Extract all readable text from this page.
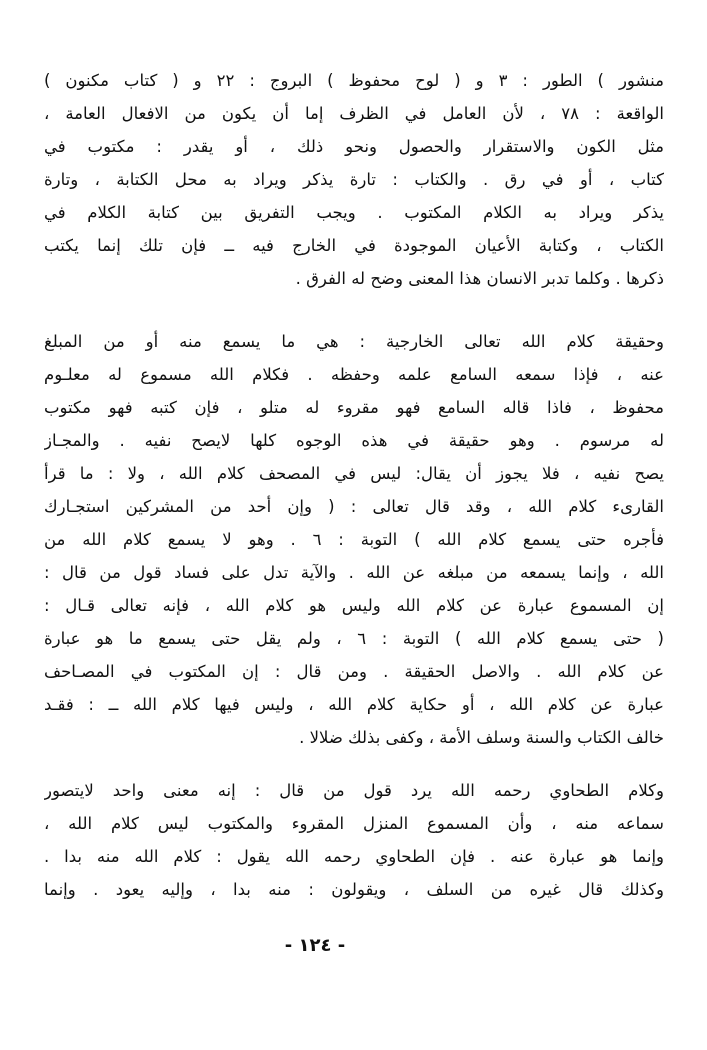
منشور ) الطور : ٣ و ( لوح محفوظ ) البروج : ٢٢ و ( كتاب مكنون )
الواقعة : ٧٨ ، لأن العامل في الظرف إما أن يكون من الافعال العامة ،
مثل الكون والاستقرار والحصول ونحو ذلك ، أو يقدر : مكتوب في
كتاب ، أو في رق . والكتاب : تارة يذكر ويراد به محل الكتابة ، وتارة
يذكر ويراد به الكلام المكتوب . ويجب التفريق بين كتابة الكلام في
الكتاب ، وكتابة الأعيان الموجودة في الخارج فيه ــ فإن تلك إنما يكتب
ذكرها . وكلما تدبر الانسان هذا المعنى وضح له الفرق .
وحقيقة كلام الله تعالى الخارجية : هي ما يسمع منه أو من المبلغ
عنه ، فإذا سمعه السامع علمه وحفظه . فكلام الله مسموع له معلـوم
محفوظ ، فاذا قاله السامع فهو مقروء له متلو ، فإن كتبه فهو مكتوب
له مرسوم . وهو حقيقة في هذه الوجوه كلها لايصح نفيه . والمجـاز
يصح نفيه ، فلا يجوز أن يقال: ليس في المصحف كلام الله ، ولا : ما قرأ
القارىء كلام الله ، وقد قال تعالى : ( وإن أحد من المشركين استجـارك
فأجره حتى يسمع كلام الله ) التوبة : ٦ . وهو لا يسمع كلام الله من
الله ، وإنما يسمعه من مبلغه عن الله . والآية تدل على فساد قول من قال :
إن المسموع عبارة عن كلام الله وليس هو كلام الله ، فإنه تعالى قـال :
( حتى يسمع كلام الله ) التوبة : ٦ ، ولم يقل حتى يسمع ما هو عبارة
عن كلام الله . والاصل الحقيقة . ومن قال : إن المكتوب في المصـاحف
عبارة عن كلام الله ، أو حكاية كلام الله ، وليس فيها كلام الله ــ : فقـد
خالف الكتاب والسنة وسلف الأمة ، وكفى بذلك ضلالا .
وكلام الطحاوي رحمه الله يرد قول من قال : إنه معنى واحد لايتصور
سماعه منه ، وأن المسموع المنزل المقروء والمكتوب ليس كلام الله ،
وإنما هو عبارة عنه . فإن الطحاوي رحمه الله يقول : كلام الله منه بدا .
وكذلك قال غيره من السلف ، ويقولون : منه بدا ، وإليه يعود . وإنما
- ١٢٤ -
